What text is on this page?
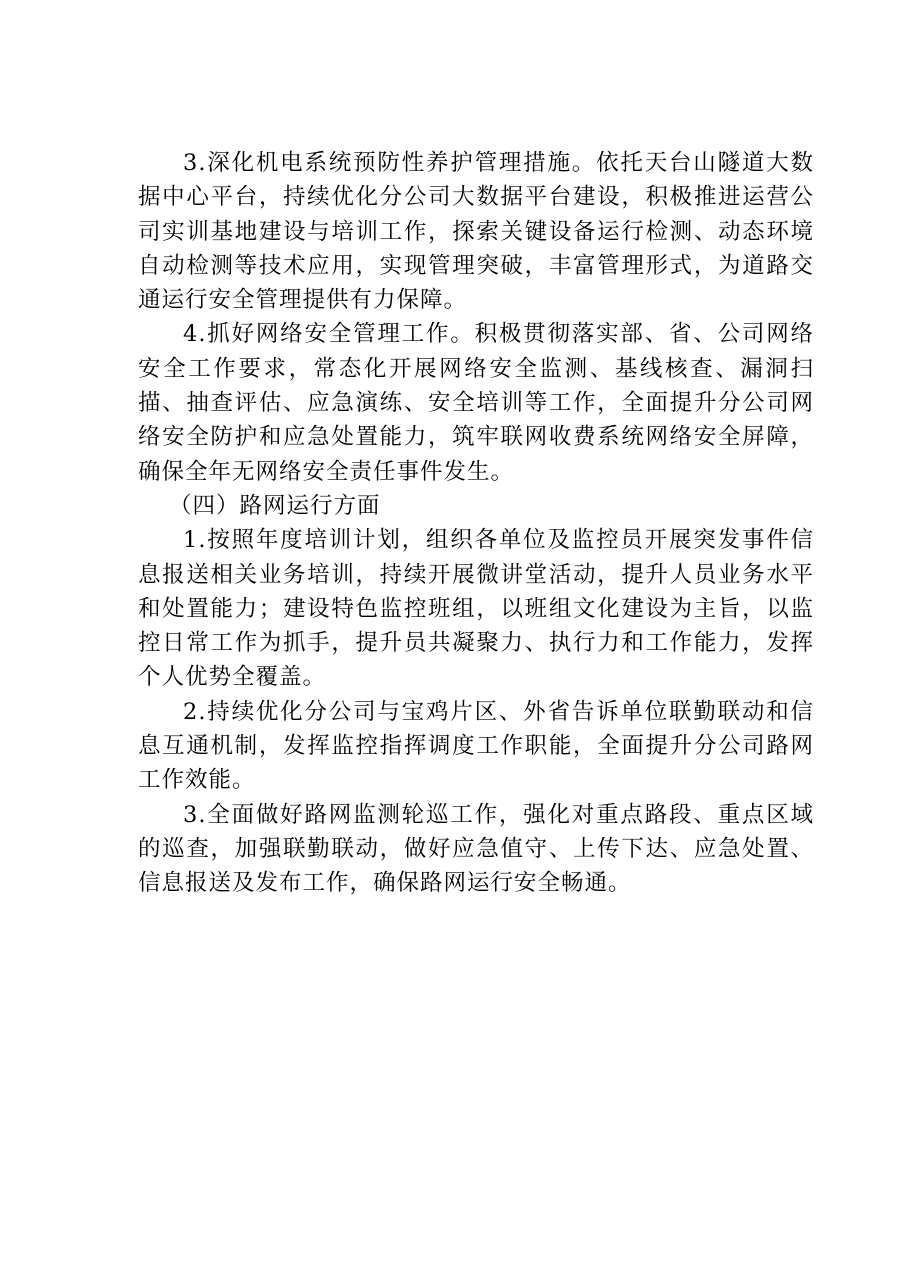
3.深化机电系统预防性养护管理措施。依托天台山隧道大数据中心平台，持续优化分公司大数据平台建设，积极推进运营公司实训基地建设与培训工作，探索关键设备运行检测、动态环境自动检测等技术应用，实现管理突破，丰富管理形式，为道路交通运行安全管理提供有力保障。

4.抓好网络安全管理工作。积极贯彻落实部、省、公司网络安全工作要求，常态化开展网络安全监测、基线核查、漏洞扫描、抽查评估、应急演练、安全培训等工作，全面提升分公司网络安全防护和应急处置能力，筑牢联网收费系统网络安全屏障，确保全年无网络安全责任事件发生。

（四）路网运行方面

1.按照年度培训计划，组织各单位及监控员开展突发事件信息报送相关业务培训，持续开展微讲堂活动，提升人员业务水平和处置能力；建设特色监控班组，以班组文化建设为主旨，以监控日常工作为抓手，提升员共凝聚力、执行力和工作能力，发挥个人优势全覆盖。

2.持续优化分公司与宝鸡片区、外省告诉单位联勤联动和信息互通机制，发挥监控指挥调度工作职能，全面提升分公司路网工作效能。

3.全面做好路网监测轮巡工作，强化对重点路段、重点区域的巡查，加强联勤联动，做好应急值守、上传下达、应急处置、信息报送及发布工作，确保路网运行安全畅通。
